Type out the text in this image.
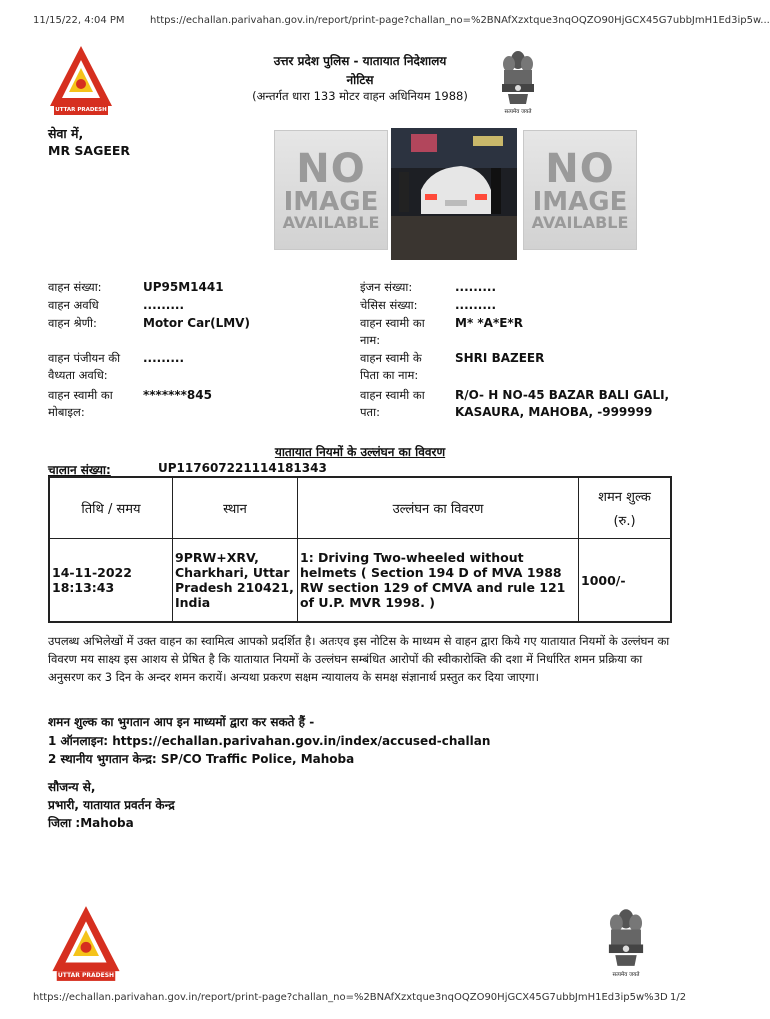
11/15/22, 4:04 PM	https://echallan.parivahan.gov.in/report/print-page?challan_no=%2BNAfXzxtque3nqOQZO90HjGCX45G7ubbJmH1Ed3ip5w...
UTTAR PRADESH
उत्तर प्रदेश पुलिस - यातायात निदेशालय
नोटिस
(अन्तर्गत धारा 133 मोटर वाहन अधिनियम 1988)
सत्यमेव जयते
सेवा में,
MR SAGEER	NO
IMAGE
AVAILABLE
NO
IMAGE
AVAILABLE
वाहन संख्या:	UP95M1441
वाहन अवधि	.........
वाहन श्रेणी:	Motor Car(LMV)
वाहन पंजीयन की
वैध्यता अवधि:
.........
वाहन स्वामी का
मोबाइल:
*******845
इंजन संख्या:	.........
चेसिस संख्या:	.........
वाहन स्वामी का
नाम:
M* *A*E*R
वाहन स्वामी के
पिता का नाम:
SHRI BAZEER
वाहन स्वामी का
पता:
R/O- H NO-45 BAZAR BALI GALI,
KASAURA, MAHOBA, -999999
यातायात नियमों के उल्लंघन का विवरण
चालान संख्या:	UP117607221114181343
तिथि / समय	स्थान	उल्लंघन का विवरण	शमन शुल्क
(रु.)

14-11-2022
18:13:43	9PRW+XRV, Charkhari, Uttar Pradesh 210421, India	1: Driving Two-wheeled without helmets ( Section 194 D of MVA 1988 RW section 129 of CMVA and rule 121 of U.P. MVR 1998. )	1000/-
उपलब्ध अभिलेखों में उक्त वाहन का स्वामित्व आपको प्रदर्शित है। अतःएव इस नोटिस के माध्यम से वाहन द्वारा किये गए यातायात नियमों के उल्लंघन का विवरण मय साक्ष्य इस आशय से प्रेषित है कि यातायात नियमों के उल्लंघन सम्बंधित आरोपों की स्वीकारोक्ति की दशा में निर्धारित शमन प्रक्रिया का अनुसरण कर 3 दिन के अन्दर शमन करायें। अन्यथा प्रकरण सक्षम न्यायालय के समक्ष संज्ञानार्थ प्रस्तुत कर दिया जाएगा।
शमन शुल्क का भुगतान आप इन माध्यमों द्वारा कर सकते हैं -
1 ऑनलाइन: https://echallan.parivahan.gov.in/index/accused-challan
2 स्थानीय भुगतान केन्द्र: SP/CO Traffic Police, Mahoba
सौजन्य से,
प्रभारी, यातायात प्रवर्तन केन्द्र
जिला :Mahoba
UTTAR PRADESH	सत्यमेव जयते
https://echallan.parivahan.gov.in/report/print-page?challan_no=%2BNAfXzxtque3nqOQZO90HjGCX45G7ubbJmH1Ed3ip5w%3D 1/2
